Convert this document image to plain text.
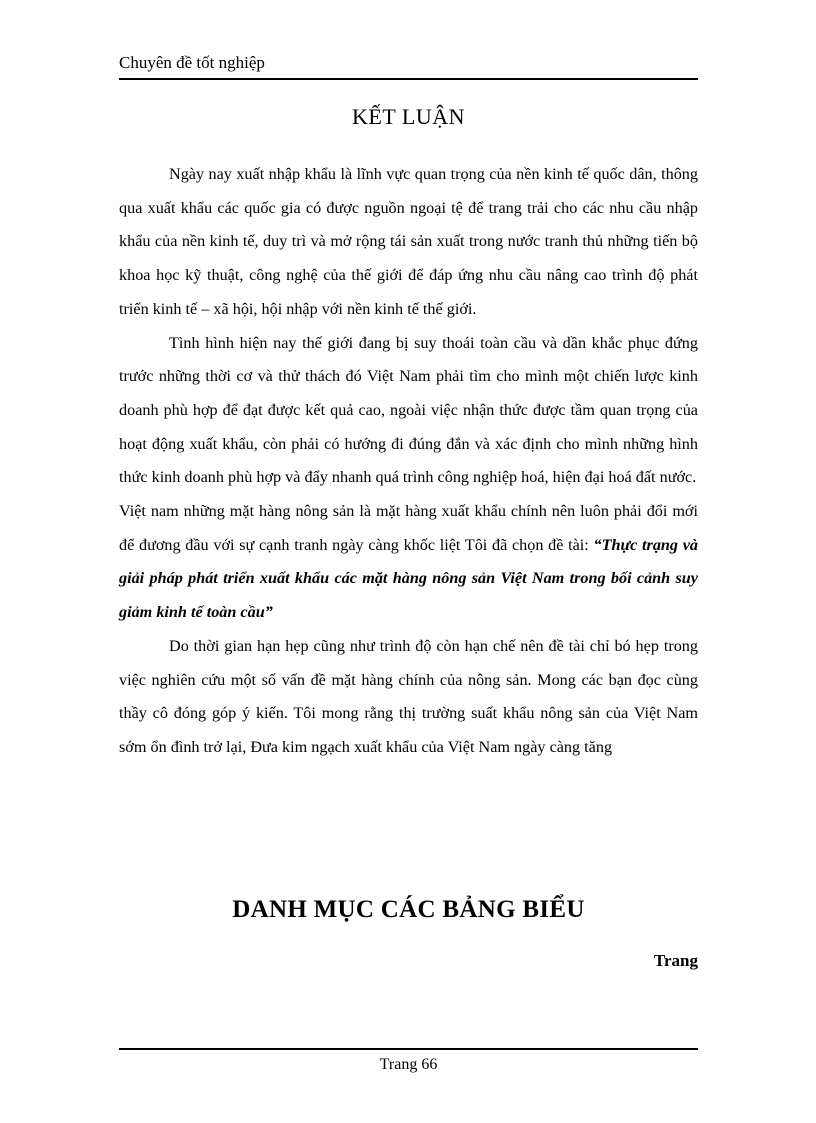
Chuyên đề tốt nghiệp
KẾT LUẬN

Ngày nay xuất nhập khẩu là lĩnh vực quan trọng của nền kinh tế quốc dân, thông qua xuất khẩu các quốc gia có được nguồn ngoại tệ để trang trải cho các nhu cầu nhập khẩu của nền kinh tế, duy trì và mở rộng tái sản xuất trong nước tranh thủ những tiến bộ khoa học kỹ thuật, công nghệ của thế giới để đáp ứng nhu cầu nâng cao trình độ phát triển kinh tế – xã hội, hội nhập với nền kinh tế thế giới.

Tình hình hiện nay thế giới đang bị suy thoái toàn cầu và dần khắc phục đứng trước những thời cơ và thử thách đó Việt Nam phải tìm cho mình một chiến lược kinh doanh phù hợp để đạt được kết quả cao, ngoài việc nhận thức được tầm quan trọng của hoạt động xuất khẩu, còn phải có hướng đi đúng đắn và xác định cho mình những hình thức kinh doanh phù hợp và đẩy nhanh quá trình công nghiệp hoá, hiện đại hoá đất nước.

Việt nam những mặt hàng nông sản là mặt hàng xuất khẩu chính nên luôn phải đổi mới để đương đầu với sự cạnh tranh ngày càng khốc liệt Tôi đã chọn đề tài: “Thực trạng và giải pháp phát triển xuất khẩu các mặt hàng nông sản Việt Nam trong bối cảnh suy giảm kinh tế toàn cầu”

Do thời gian hạn hẹp cũng như trình độ còn hạn chế nên đề tài chỉ bó hẹp trong việc nghiên cứu một số vấn đề mặt hàng chính của nông sản. Mong các bạn đọc cùng thầy cô đóng góp ý kiến. Tôi mong rằng thị trường suất khẩu nông sản của Việt Nam sớm ổn đình trở lại, Đưa kim ngạch xuất khẩu của Việt Nam ngày càng tăng

DANH MỤC CÁC BẢNG BIỂU
Trang
Trang 66
